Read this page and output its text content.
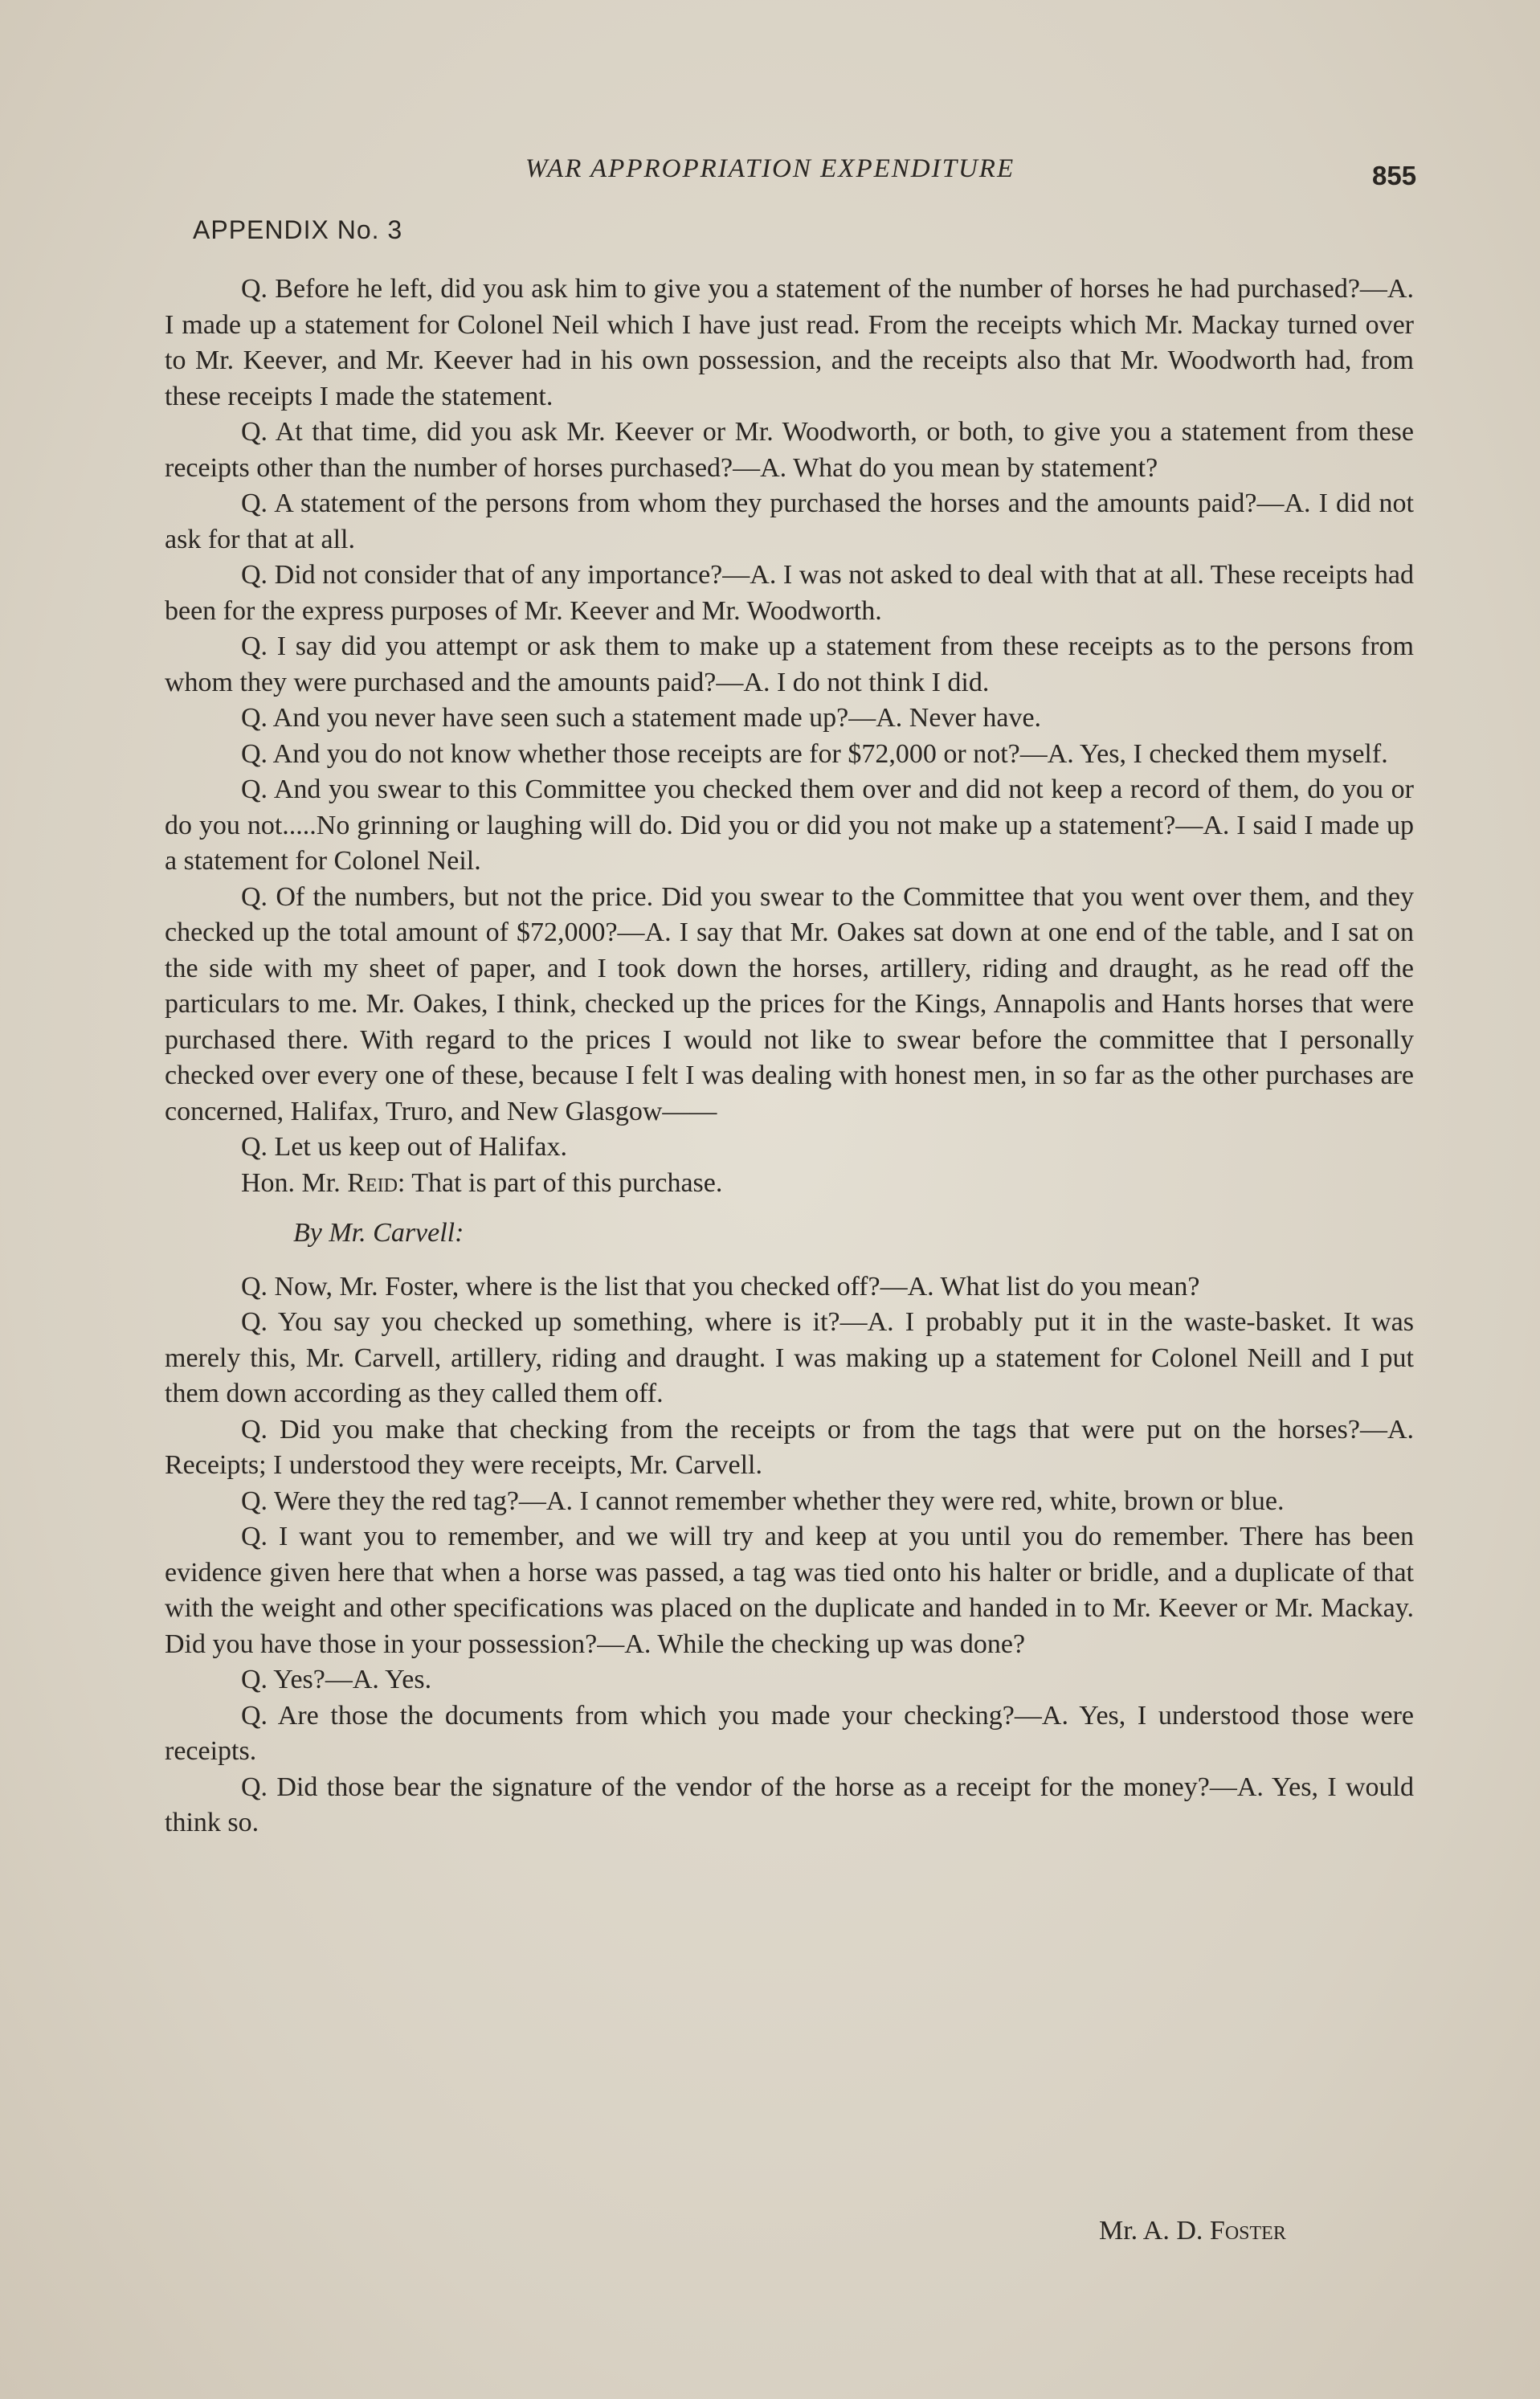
WAR APPROPRIATION EXPENDITURE	855
APPENDIX No. 3

Q. Before he left, did you ask him to give you a statement of the number of horses he had purchased?—A. I made up a statement for Colonel Neil which I have just read. From the receipts which Mr. Mackay turned over to Mr. Keever, and Mr. Keever had in his own possession, and the receipts also that Mr. Woodworth had, from these receipts I made the statement.

Q. At that time, did you ask Mr. Keever or Mr. Woodworth, or both, to give you a statement from these receipts other than the number of horses purchased?—A. What do you mean by statement?

Q. A statement of the persons from whom they purchased the horses and the amounts paid?—A. I did not ask for that at all.

Q. Did not consider that of any importance?—A. I was not asked to deal with that at all. These receipts had been for the express purposes of Mr. Keever and Mr. Woodworth.

Q. I say did you attempt or ask them to make up a statement from these receipts as to the persons from whom they were purchased and the amounts paid?—A. I do not think I did.

Q. And you never have seen such a statement made up?—A. Never have.

Q. And you do not know whether those receipts are for $72,000 or not?—A. Yes, I checked them myself.

Q. And you swear to this Committee you checked them over and did not keep a record of them, do you or do you not.....No grinning or laughing will do. Did you or did you not make up a statement?—A. I said I made up a statement for Colonel Neil.

Q. Of the numbers, but not the price. Did you swear to the Committee that you went over them, and they checked up the total amount of $72,000?—A. I say that Mr. Oakes sat down at one end of the table, and I sat on the side with my sheet of paper, and I took down the horses, artillery, riding and draught, as he read off the particulars to me. Mr. Oakes, I think, checked up the prices for the Kings, Annapolis and Hants horses that were purchased there. With regard to the prices I would not like to swear before the committee that I personally checked over every one of these, because I felt I was dealing with honest men, in so far as the other purchases are concerned, Halifax, Truro, and New Glasgow——

Q. Let us keep out of Halifax.

Hon. Mr. Reid: That is part of this purchase.

By Mr. Carvell:

Q. Now, Mr. Foster, where is the list that you checked off?—A. What list do you mean?

Q. You say you checked up something, where is it?—A. I probably put it in the waste-basket. It was merely this, Mr. Carvell, artillery, riding and draught. I was making up a statement for Colonel Neill and I put them down according as they called them off.

Q. Did you make that checking from the receipts or from the tags that were put on the horses?—A. Receipts; I understood they were receipts, Mr. Carvell.

Q. Were they the red tag?—A. I cannot remember whether they were red, white, brown or blue.

Q. I want you to remember, and we will try and keep at you until you do remember. There has been evidence given here that when a horse was passed, a tag was tied onto his halter or bridle, and a duplicate of that with the weight and other specifications was placed on the duplicate and handed in to Mr. Keever or Mr. Mackay. Did you have those in your possession?—A. While the checking up was done?

Q. Yes?—A. Yes.

Q. Are those the documents from which you made your checking?—A. Yes, I understood those were receipts.

Q. Did those bear the signature of the vendor of the horse as a receipt for the money?—A. Yes, I would think so.

Mr. A. D. Foster
